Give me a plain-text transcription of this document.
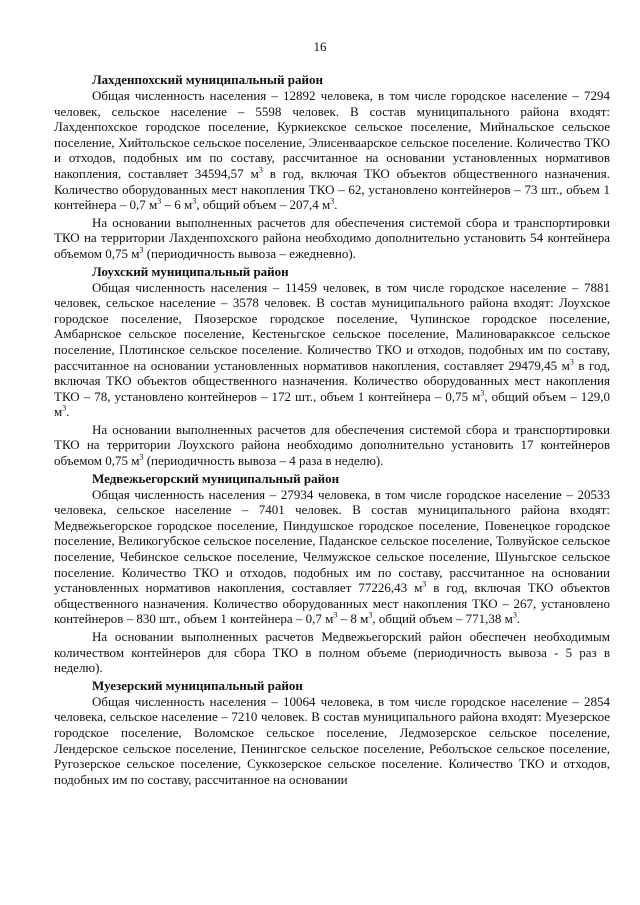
16
Лахденпохский муниципальный район

Общая численность населения – 12892 человека, в том числе городское население – 7294 человек, сельское население – 5598 человек. В состав муниципального района входят: Лахденпохское городское поселение, Куркиекское сельское поселение, Мийнальское сельское поселение, Хийтольское сельское поселение, Элисенваарское сельское поселение. Количество ТКО и отходов, подобных им по составу, рассчитанное на основании установленных нормативов накопления, составляет 34594,57 $м^3$ в год, включая ТКО объектов общественного назначения. Количество оборудованных мест накопления ТКО – 62, установлено контейнеров – 73 шт., объем 1 контейнера – 0,7 $м^3 - 6$ $м^3$, общий объем – 207,4 $м^3$.

На основании выполненных расчетов для обеспечения системой сбора и транспортировки ТКО на территории Лахденпохского района необходимо дополнительно установить 54 контейнера объемом 0,75 $м^3$ (периодичность вывоза – ежедневно).

Лоухский муниципальный район

Общая численность населения – 11459 человек, в том числе городское население – 7881 человек, сельское население – 3578 человек. В состав муниципального района входят: Лоухское городское поселение, Пяозерское городское поселение, Чупинское городское поселение, Амбарнское сельское поселение, Кестеньгское сельское поселение, Малиноваракксое сельское поселение, Плотинское сельское поселение. Количество ТКО и отходов, подобных им по составу, рассчитанное на основании установленных нормативов накопления, составляет 29479,45 $м^3$ в год, включая ТКО объектов общественного назначения. Количество оборудованных мест накопления ТКО – 78, установлено контейнеров – 172 шт., объем 1 контейнера – 0,75 $м^3$, общий объем – 129,0 $м^3$.

На основании выполненных расчетов для обеспечения системой сбора и транспортировки ТКО на территории Лоухского района необходимо дополнительно установить 17 контейнеров объемом 0,75 $м^3$ (периодичность вывоза – 4 раза в неделю).

Медвежьегорский муниципальный район

Общая численность населения – 27934 человека, в том числе городское население – 20533 человека, сельское население – 7401 человек. В состав муниципального района входят: Медвежьегорское городское поселение, Пиндушское городское поселение, Повенецкое городское поселение, Великогубское сельское поселение, Паданское сельское поселение, Толвуйское сельское поселение, Чебинское сельское поселение, Челмужское сельское поселение, Шуньгское сельское поселение. Количество ТКО и отходов, подобных им по составу, рассчитанное на основании установленных нормативов накопления, составляет 77226,43 $м^3$ в год, включая ТКО объектов общественного назначения. Количество оборудованных мест накопления ТКО – 267, установлено контейнеров – 830 шт., объем 1 контейнера – 0,7 $м^3 - 8$ $м^3$, общий объем – 771,38 $м^3$.

На основании выполненных расчетов Медвежьегорский район обеспечен необходимым количеством контейнеров для сбора ТКО в полном объеме (периодичность вывоза - 5 раз в неделю).

Муезерский муниципальный район

Общая численность населения – 10064 человека, в том числе городское население – 2854 человека, сельское население – 7210 человек. В состав муниципального района входят: Муезерское городское поселение, Воломское сельское поселение, Ледмозерское сельское поселение, Лендерское сельское поселение, Пенингское сельское поселение, Реболъское сельское поселение, Ругозерское сельское поселение, Суккозерское сельское поселение. Количество ТКО и отходов, подобных им по составу, рассчитанное на основании
